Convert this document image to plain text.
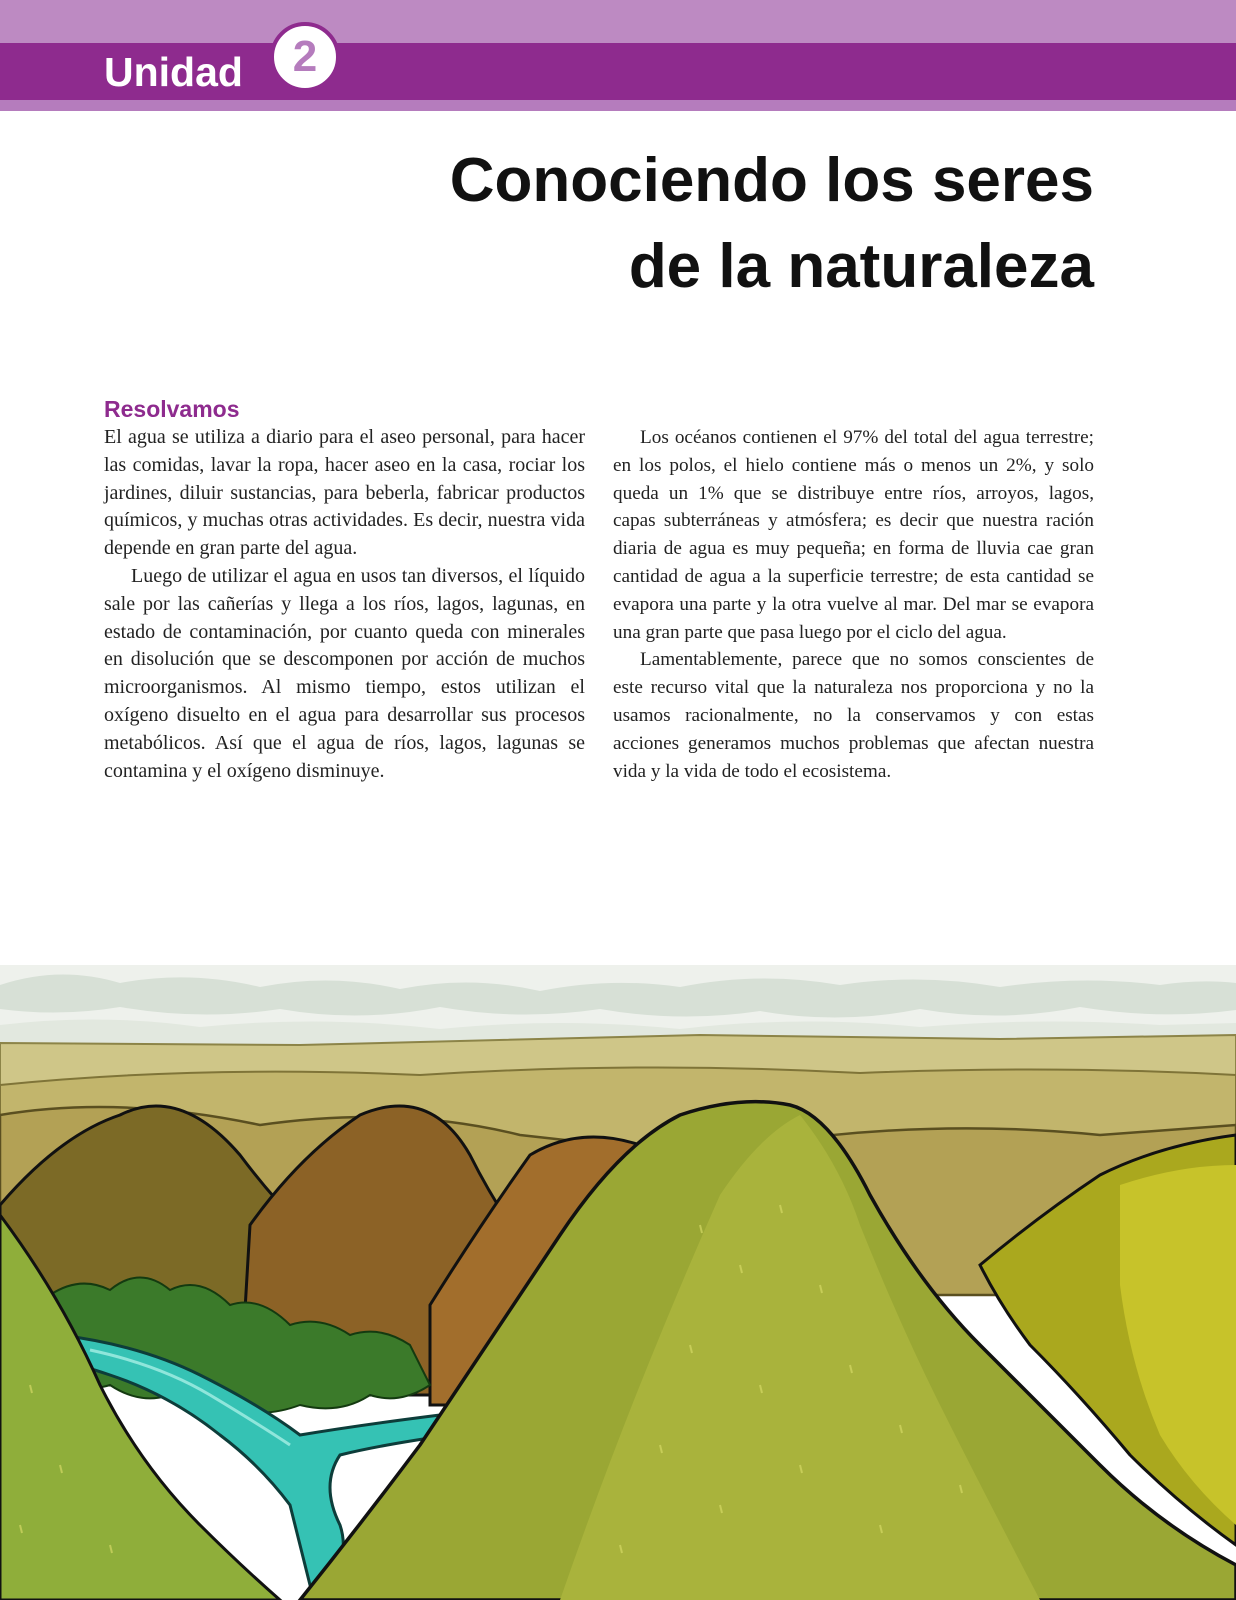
Unidad	2
Conociendo los seres
de la naturaleza
Resolvamos

El agua se utiliza a diario para el aseo personal, para hacer las comidas, lavar la ropa, hacer aseo en la casa, rociar los jardines, diluir sustancias, para beberla, fabricar productos químicos, y muchas otras actividades. Es decir, nuestra vida depende en gran parte del agua.

Luego de utilizar el agua en usos tan diversos, el líquido sale por las cañerías y llega a los ríos, lagos, lagunas, en estado de contaminación, por cuanto queda con minerales en disolución que se descomponen por acción de muchos microorganismos. Al mismo tiempo, estos utilizan el oxígeno disuelto en el agua para desarrollar sus procesos metabólicos. Así que el agua de ríos, lagos, lagunas se contamina y el oxígeno disminuye.

Los océanos contienen el 97% del total del agua terrestre; en los polos, el hielo contiene más o menos un 2%, y solo queda un 1% que se distribuye entre ríos, arroyos, lagos, capas subterráneas y atmósfera; es decir que nuestra ración diaria de agua es muy pequeña; en forma de lluvia cae gran cantidad de agua a la superficie terrestre; de esta cantidad se evapora una parte y la otra vuelve al mar. Del mar se evapora una gran parte que pasa luego por el ciclo del agua.

Lamentablemente, parece que no somos conscientes de este recurso vital que la naturaleza nos proporciona y no la usamos racionalmente, no la conservamos y con estas acciones generamos muchos problemas que afectan nuestra vida y la vida de todo el ecosistema.
